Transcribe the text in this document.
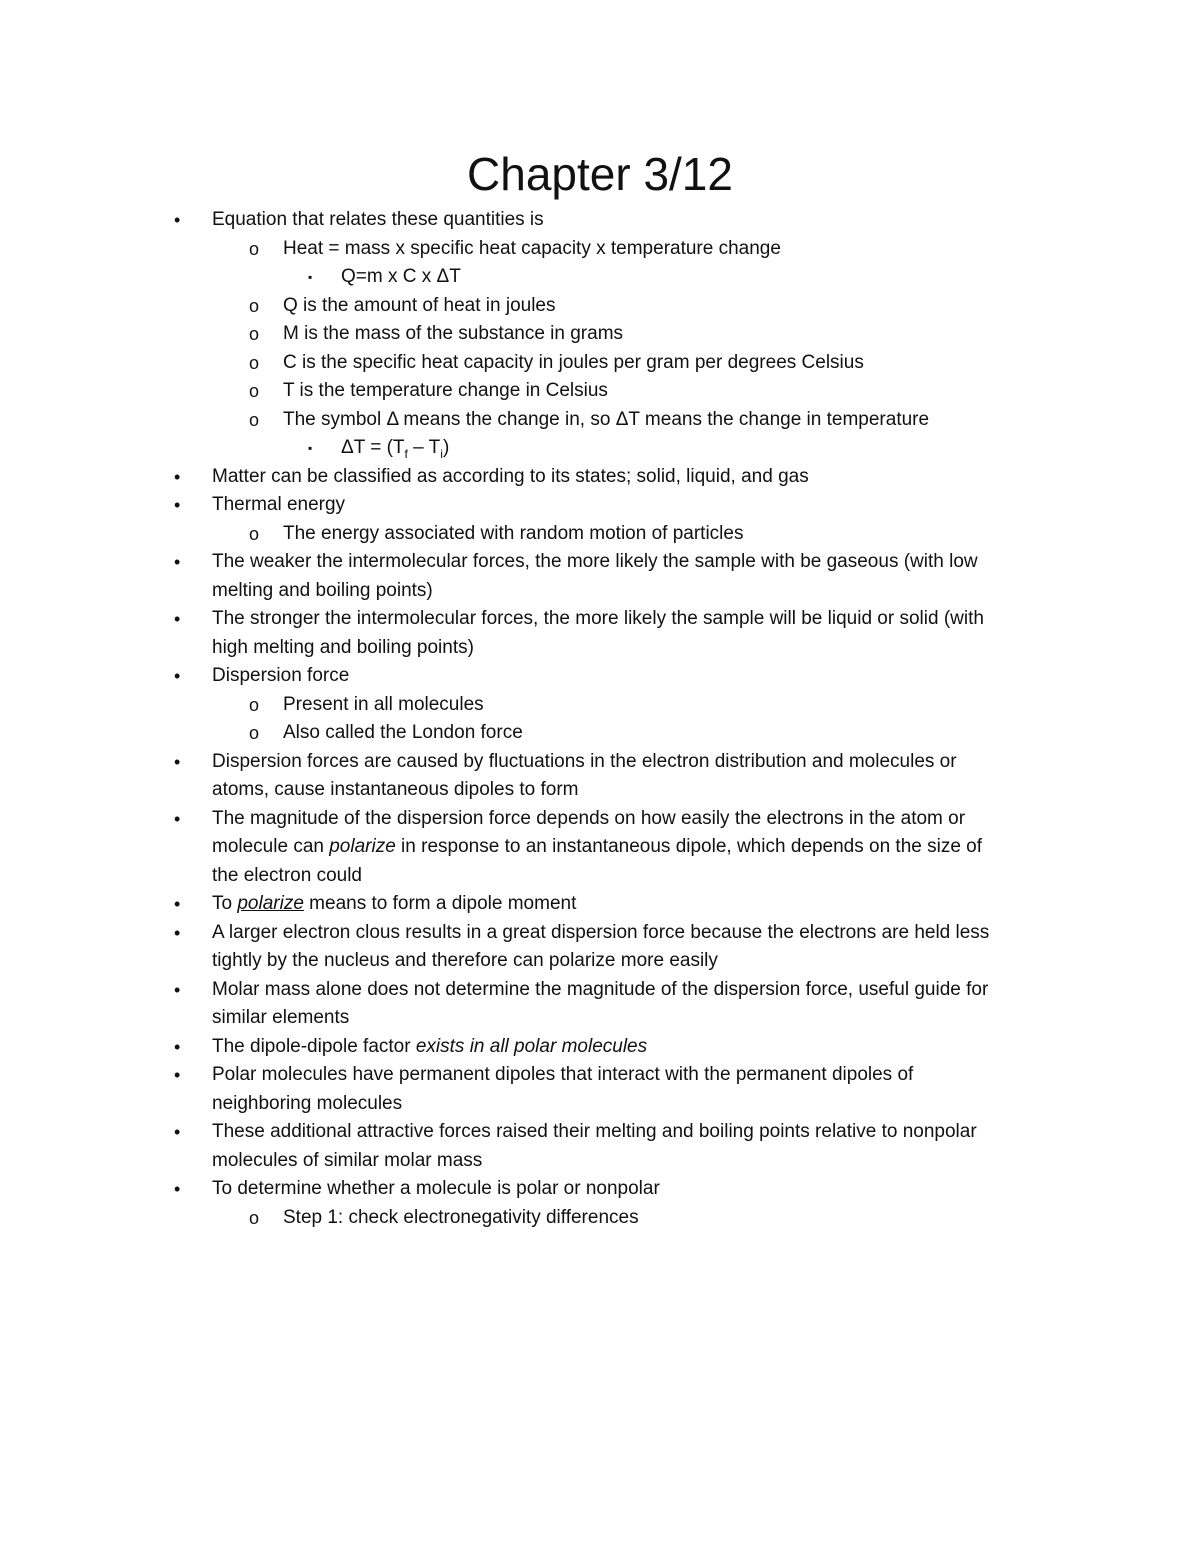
Chapter 3/12
• Equation that relates these quantities is
o Heat = mass x specific heat capacity x temperature change
▪ Q=m x C x ΔT
o Q is the amount of heat in joules
o M is the mass of the substance in grams
o C is the specific heat capacity in joules per gram per degrees Celsius
o T is the temperature change in Celsius
o The symbol Δ means the change in, so ΔT means the change in temperature
▪ $\Delta T = (T_f - T_i)$
• Matter can be classified as according to its states; solid, liquid, and gas
• Thermal energy
o The energy associated with random motion of particles
• The weaker the intermolecular forces, the more likely the sample with be gaseous (with low
melting and boiling points)
• The stronger the intermolecular forces, the more likely the sample will be liquid or solid (with
high melting and boiling points)
• Dispersion force
o Present in all molecules
o Also called the London force
• Dispersion forces are caused by fluctuations in the electron distribution and molecules or
atoms, cause instantaneous dipoles to form
• The magnitude of the dispersion force depends on how easily the electrons in the atom or
molecule can polarize in response to an instantaneous dipole, which depends on the size of
the electron could
• To polarize means to form a dipole moment
• A larger electron clous results in a great dispersion force because the electrons are held less
tightly by the nucleus and therefore can polarize more easily
• Molar mass alone does not determine the magnitude of the dispersion force, useful guide for
similar elements
• The dipole-dipole factor exists in all polar molecules
• Polar molecules have permanent dipoles that interact with the permanent dipoles of
neighboring molecules
• These additional attractive forces raised their melting and boiling points relative to nonpolar
molecules of similar molar mass
• To determine whether a molecule is polar or nonpolar
o Step 1: check electronegativity differences
